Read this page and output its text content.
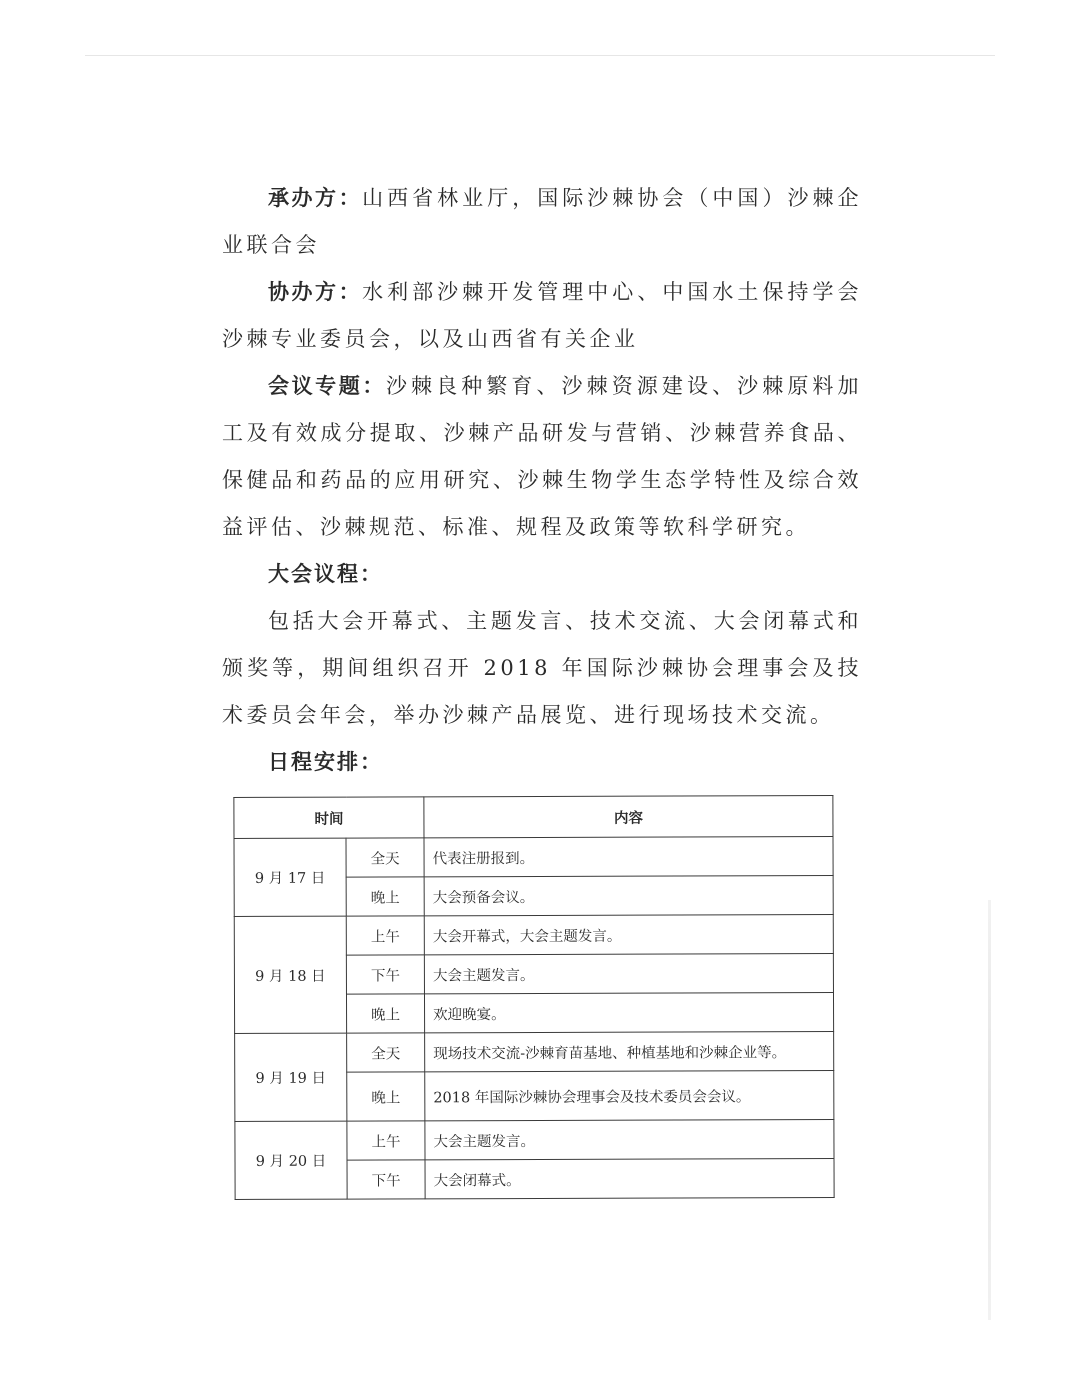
承办方：山西省林业厅，国际沙棘协会（中国）沙棘企业联合会

协办方：水利部沙棘开发管理中心、中国水土保持学会沙棘专业委员会，以及山西省有关企业

会议专题：沙棘良种繁育、沙棘资源建设、沙棘原料加工及有效成分提取、沙棘产品研发与营销、沙棘营养食品、保健品和药品的应用研究、沙棘生物学生态学特性及综合效益评估、沙棘规范、标准、规程及政策等软科学研究。

大会议程：

包括大会开幕式、主题发言、技术交流、大会闭幕式和颁奖等，期间组织召开 2018 年国际沙棘协会理事会及技术委员会年会，举办沙棘产品展览、进行现场技术交流。

日程安排：

时间		内容
9 月 17 日	全天	代表注册报到。
	晚上	大会预备会议。
9 月 18 日	上午	大会开幕式，大会主题发言。
	下午	大会主题发言。
	晚上	欢迎晚宴。
9 月 19 日	全天	现场技术交流-沙棘育苗基地、种植基地和沙棘企业等。
	晚上	2018 年国际沙棘协会理事会及技术委员会会议。
9 月 20 日	上午	大会主题发言。
	下午	大会闭幕式。
